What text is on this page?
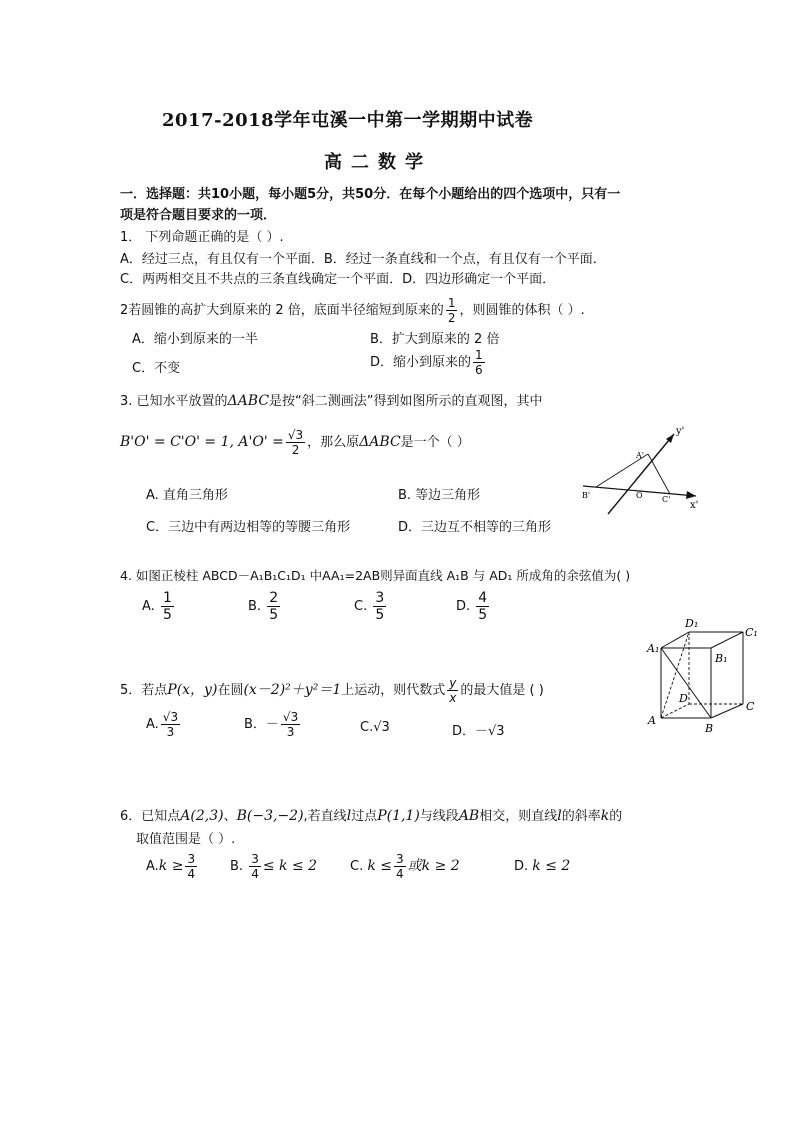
2017-2018学年屯溪一中第一学期期中试卷
高二数学
一．选择题：共10小题，每小题5分，共50分．在每个小题给出的四个选项中，只有一
项是符合题目要求的一项．
1． 下列命题正确的是（ ）.
A．经过三点，有且仅有一个平面．B．经过一条直线和一个点，有且仅有一个平面．
C．两两相交且不共点的三条直线确定一个平面．D．四边形确定一个平面．
2若圆锥的高扩大到原来的 2 倍，底面半径缩短到原来的 $\frac{1}{2}$ ，则圆锥的体积（ ）.
A．缩小到原来的一半	B．扩大到原来的 2 倍
C．不变	D．缩小到原来的 $\frac{1}{6}$
3. 已知水平放置的ΔABC是按“斜二测画法”得到如图所示的直观图，其中
B'O' = C'O' = 1, $A'O' = \frac{√3}{2}$ ，那么原ΔABC是一个（ ）
A. 直角三角形	B. 等边三角形
C．三边中有两边相等的等腰三角形	D．三边互不相等的三角形
y'
x'
A'
B'	O C'
4. 如图正棱柱 ABCD－A₁B₁C₁D₁ 中AA₁=2AB则异面直线 A₁B 与 AD₁ 所成角的余弦值为( )
A. $\frac{1}{5}$	B. $\frac{2}{5}$	C. $\frac{3}{5}$	D. $\frac{4}{5}$
D₁
C₁
A₁
B₁
D
C
A
B
5．若点P(x，y)在圆(x－2)²＋y²＝1上运动，则代数式 $\frac{y}{x}$ 的最大值是 ( )
A. $\frac{√3}{3}$	B．－ $\frac{√3}{3}$	C.√3	D．－√3
6．已知点A(2,3)、B(−3,−2),若直线l过点P(1,1)与线段AB相交，则直线l的斜率k的
取值范围是（ ）.
$A.k \ge \frac{3}{4}$	B. $\frac{3}{4} \le k \le 2$	C. $k \le \frac{3}{4}$ 或k ≥ 2	D. k ≤ 2
